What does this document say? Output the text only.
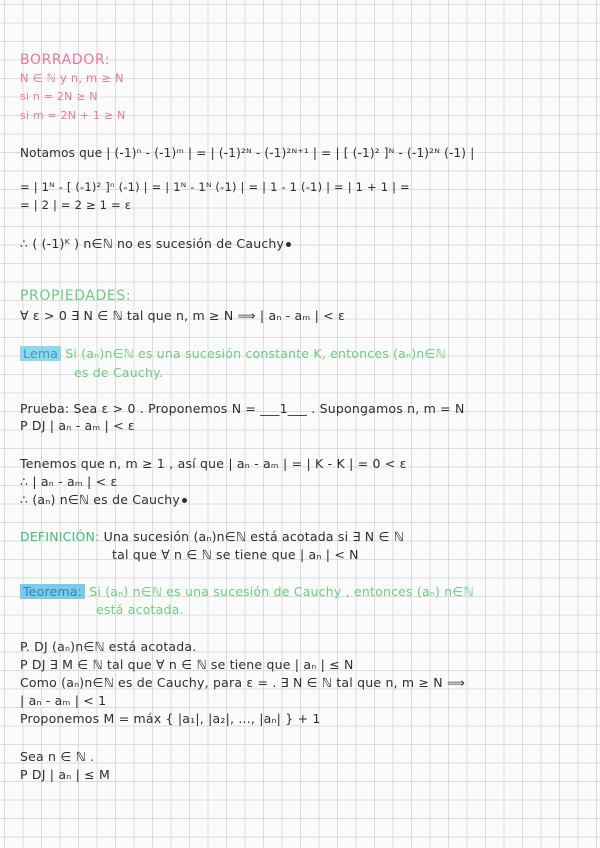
BORRADOR:
N ∈ ℕ y n, m ≥ N
si n = 2N ≥ N
si m = 2N + 1 ≥ N
Notamos que | (-1)ⁿ - (-1)ᵐ | = | (-1)²ᴺ - (-1)²ᴺ⁺¹ | = | [ (-1)² ]ᴺ - (-1)²ᴺ (-1) |
= | 1ᴺ - [ (-1)² ]ⁿ (-1) | = | 1ᴺ - 1ᴺ (-1) | = | 1 - 1 (-1) | = | 1 + 1 | =
= | 2 | = 2 ≥ 1 = ε
∴ ( (-1)ᴷ ) n∈ℕ no es sucesión de Cauchy
PROPIEDADES:
∀ ε > 0 ∃ N ∈ ℕ tal que n, m ≥ N ⟹ | aₙ - aₘ | < ε
Lema Si (aₙ)n∈ℕ es una sucesión constante K, entonces (aₙ)n∈ℕ
es de Cauchy.
Prueba: Sea ε > 0 . Proponemos N = ___1___ . Supongamos n, m = N
P DJ | aₙ - aₘ | < ε
Tenemos que n, m ≥ 1 , así que | aₙ - aₘ | = | K - K | = 0 < ε
∴ | aₙ - aₘ | < ε
∴ (aₙ) n∈ℕ es de Cauchy
DEFINICIÓN: Una sucesión (aₙ)n∈ℕ está acotada si ∃ N ∈ ℕ
tal que ∀ n ∈ ℕ se tiene que | aₙ | < N
Teorema: Si (aₙ) n∈ℕ es una sucesión de Cauchy , entonces (aₙ) n∈ℕ
está acotada.
P. DJ (aₙ)n∈ℕ está acotada.
P DJ ∃ M ∈ ℕ tal que ∀ n ∈ ℕ se tiene que | aₙ | ≤ N
Como (aₙ)n∈ℕ es de Cauchy, para ε = . ∃ N ∈ ℕ tal que n, m ≥ N ⟹
| aₙ - aₘ | < 1
Proponemos M = máx { |a₁|, |a₂|, ..., |aₙ| } + 1
Sea n ∈ ℕ .
P DJ | aₙ | ≤ M
